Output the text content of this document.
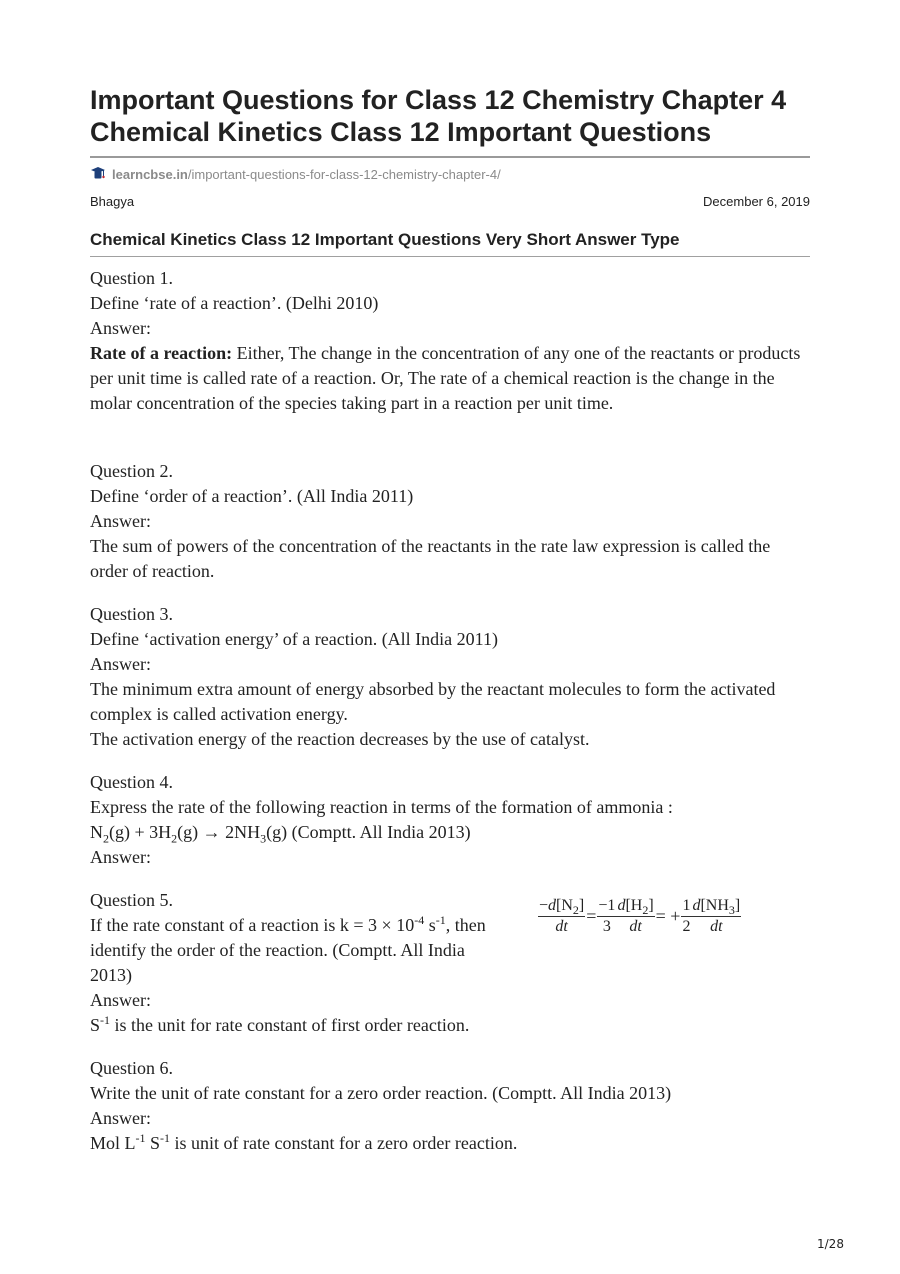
Important Questions for Class 12 Chemistry Chapter 4 Chemical Kinetics Class 12 Important Questions
learncbse.in /important-questions-for-class-12-chemistry-chapter-4/
Bhagya	December 6, 2019
Chemical Kinetics Class 12 Important Questions Very Short Answer Type

Question 1.

Define ‘rate of a reaction’. (Delhi 2010)

Answer:

Rate of a reaction: Either, The change in the concentration of any one of the reactants or products per unit time is called rate of a reaction. Or, The rate of a chemical reaction is the change in the molar concentration of the species taking part in a reaction per unit time.

Question 2.

Define ‘order of a reaction’. (All India 2011)

Answer:

The sum of powers of the concentration of the reactants in the rate law expression is called the order of reaction.

Question 3.

Define ‘activation energy’ of a reaction. (All India 2011)

Answer:

The minimum extra amount of energy absorbed by the reactant molecules to form the activated complex is called activation energy.

The activation energy of the reaction decreases by the use of catalyst.

Question 4.

Express the rate of the following reaction in terms of the formation of ammonia :

$N_2(g) + 3H_2(g) \to 2NH_3(g)$ (Comptt. All India 2013)

Answer:

$\frac{-d[N_2]}{dt} = \frac{-1}{3} \frac{d[H_2]}{dt}$ = + $\frac{1}{2} \frac{d[NH_3]}{dt}$

Question 5.

If the rate constant of a reaction is $k = 3 \times 10^{-4}$ $s^{-1}$, then identify the order of the reaction. (Comptt. All India 2013)

Answer:

$S^{-1}$ is the unit for rate constant of first order reaction.

Question 6.

Write the unit of rate constant for a zero order reaction. (Comptt. All India 2013)

Answer:

Mol $L^{-1}$ $S^{-1}$ is unit of rate constant for a zero order reaction.

1/28
